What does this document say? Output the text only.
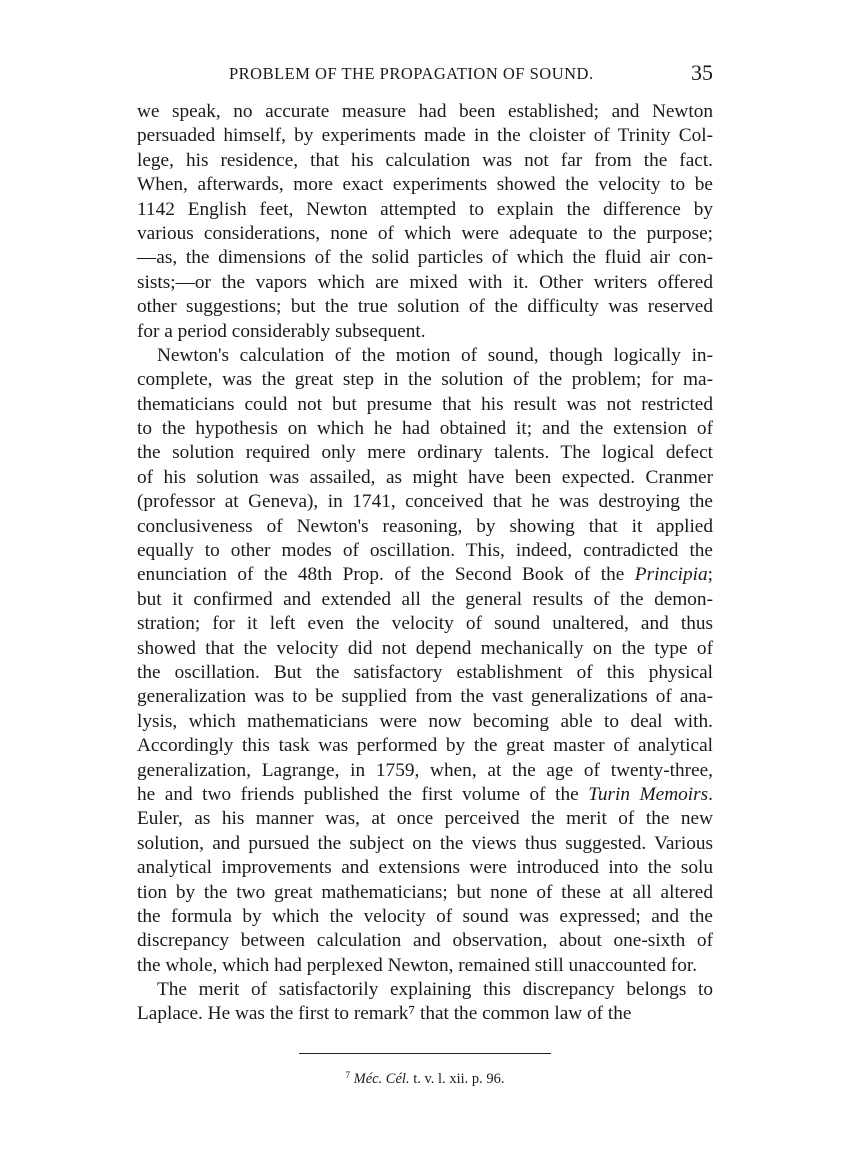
PROBLEM OF THE PROPAGATION OF SOUND.	35
we speak, no accurate measure had been established; and Newton
persuaded himself, by experiments made in the cloister of Trinity Col-
lege, his residence, that his calculation was not far from the fact.
When, afterwards, more exact experiments showed the velocity to be
1142 English feet, Newton attempted to explain the difference by
various considerations, none of which were adequate to the purpose;
—as, the dimensions of the solid particles of which the fluid air con-
sists;—or the vapors which are mixed with it. Other writers offered
other suggestions; but the true solution of the difficulty was reserved
for a period considerably subsequent.
Newton's calculation of the motion of sound, though logically in-
complete, was the great step in the solution of the problem; for ma-
thematicians could not but presume that his result was not restricted
to the hypothesis on which he had obtained it; and the extension of
the solution required only mere ordinary talents. The logical defect
of his solution was assailed, as might have been expected. Cranmer
(professor at Geneva), in 1741, conceived that he was destroying the
conclusiveness of Newton's reasoning, by showing that it applied
equally to other modes of oscillation. This, indeed, contradicted the
enunciation of the 48th Prop. of the Second Book of the Principia;
but it confirmed and extended all the general results of the demon-
stration; for it left even the velocity of sound unaltered, and thus
showed that the velocity did not depend mechanically on the type of
the oscillation. But the satisfactory establishment of this physical
generalization was to be supplied from the vast generalizations of ana-
lysis, which mathematicians were now becoming able to deal with.
Accordingly this task was performed by the great master of analytical
generalization, Lagrange, in 1759, when, at the age of twenty-three,
he and two friends published the first volume of the Turin Memoirs.
Euler, as his manner was, at once perceived the merit of the new
solution, and pursued the subject on the views thus suggested. Various
analytical improvements and extensions were introduced into the solu
tion by the two great mathematicians; but none of these at all altered
the formula by which the velocity of sound was expressed; and the
discrepancy between calculation and observation, about one-sixth of
the whole, which had perplexed Newton, remained still unaccounted for.
The merit of satisfactorily explaining this discrepancy belongs to
Laplace. He was the first to remark⁷ that the common law of the
$^7$ Méc. Cél. t. v. l. xii. p. 96.
